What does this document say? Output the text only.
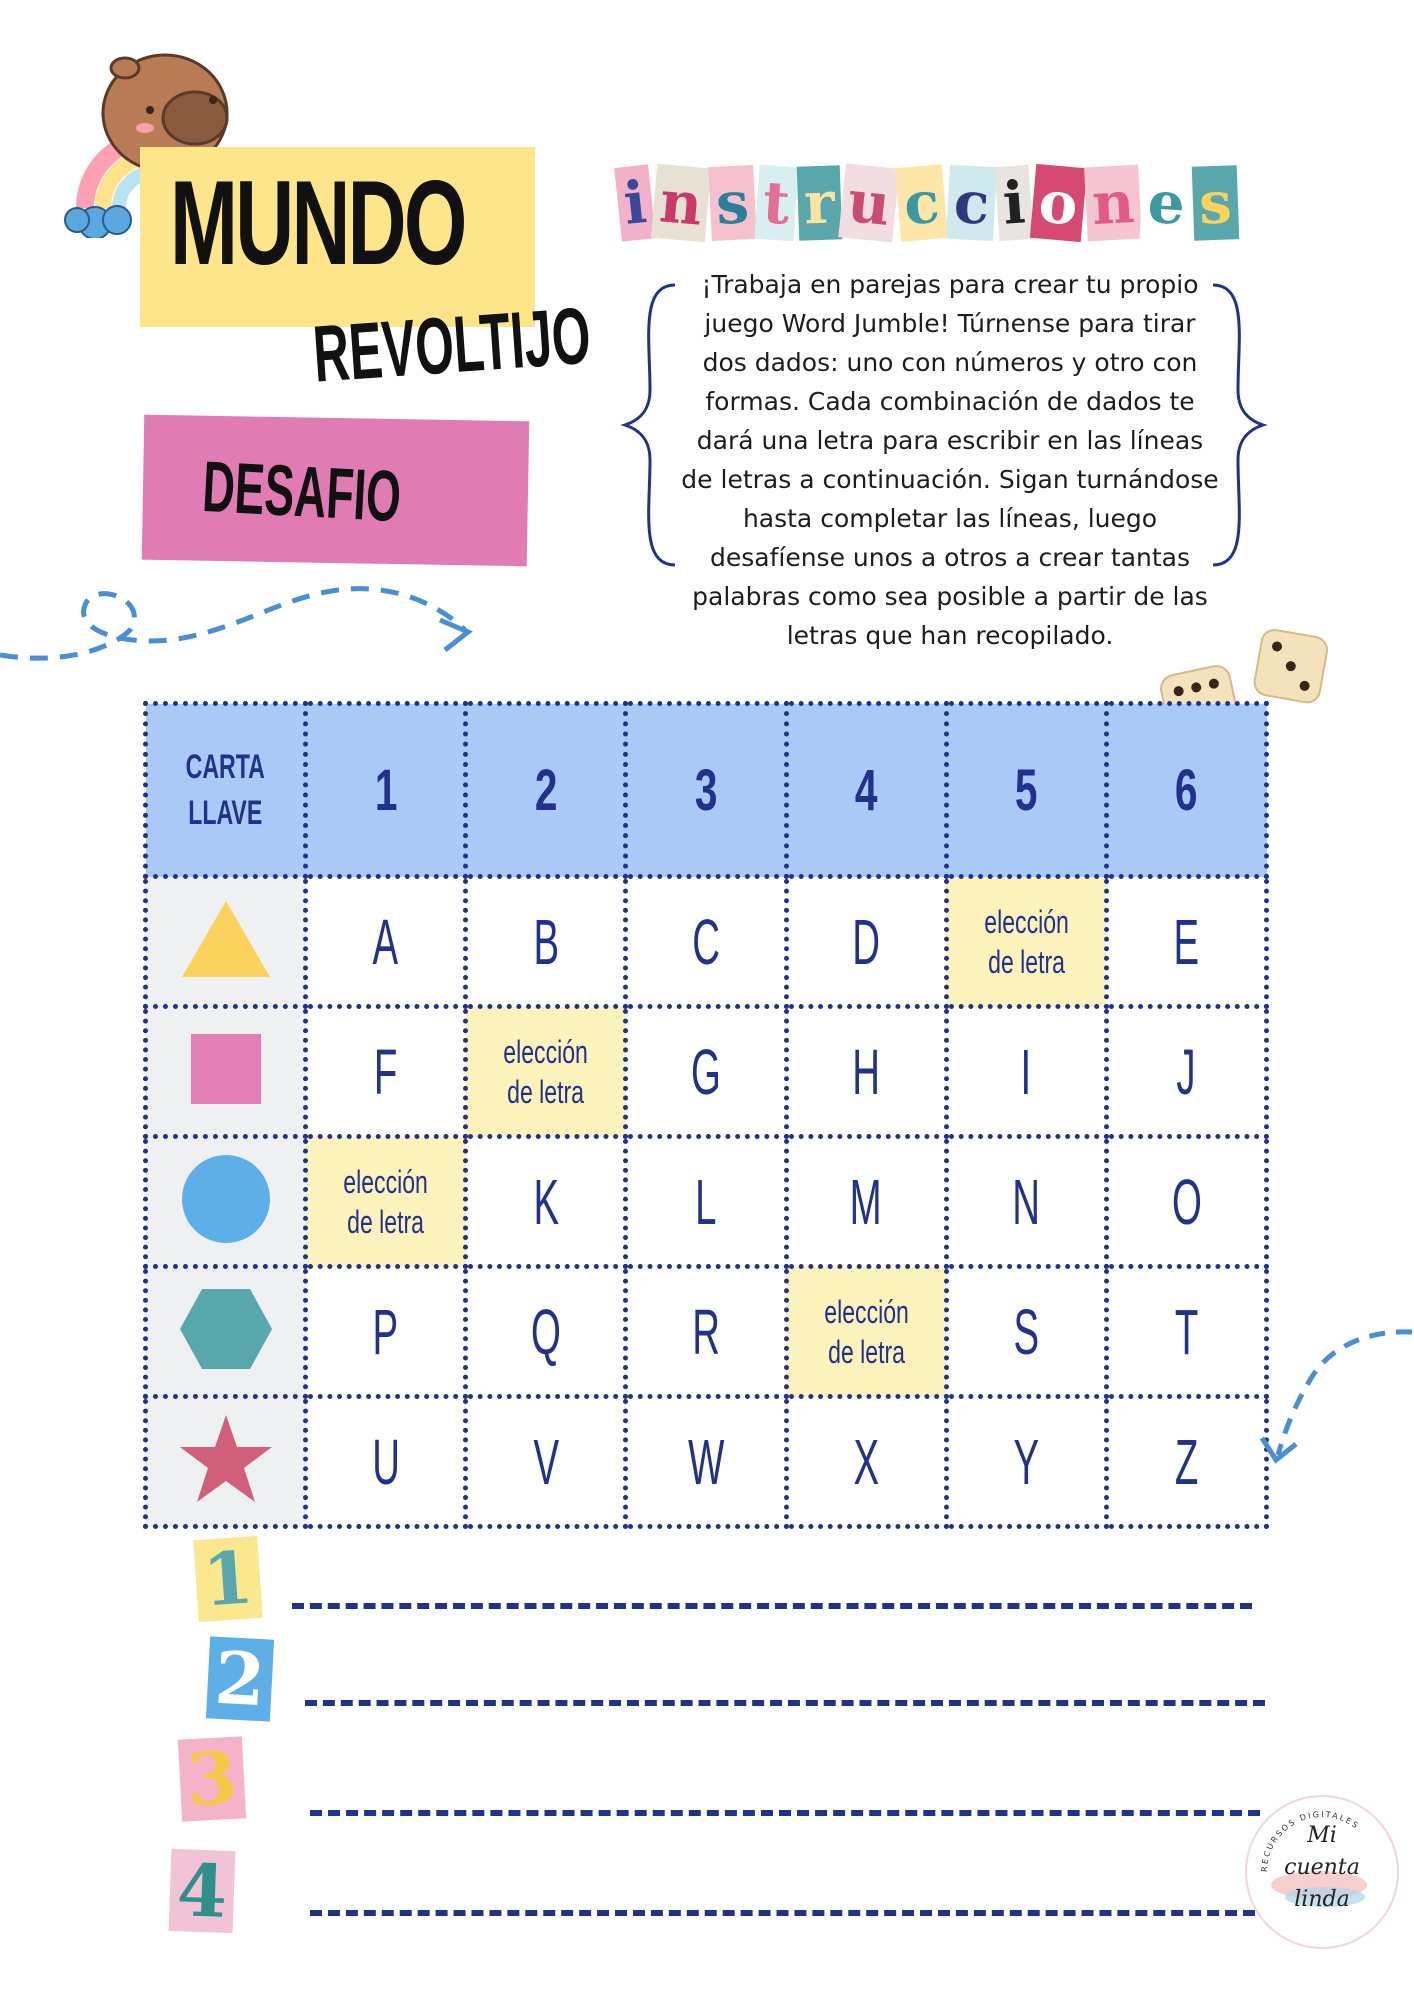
MUNDO
REVOLTIJO
DESAFIO
i n s t r u c c i o n e s
¡Trabaja en parejas para crear tu propio juego Word Jumble! Túrnense para tirar dos dados: uno con números y otro con formas. Cada combinación de dados te dará una letra para escribir en las líneas de letras a continuación. Sigan turnándose hasta completar las líneas, luego desafíense unos a otros a crear tantas palabras como sea posible a partir de las letras que han recopilado.
CARTA
LLAVE	1	2	3	4	5	6
	A	B	C	D	elección de letra	E
	F	elección de letra	G	H	I	J
	elección de letra	K	L	M	N	O
	P	Q	R	elección de letra	S	T
	U	V	W	X	Y	Z
1
2
3
4	RECURSOS DIGITALES
Mi
cuenta
linda
